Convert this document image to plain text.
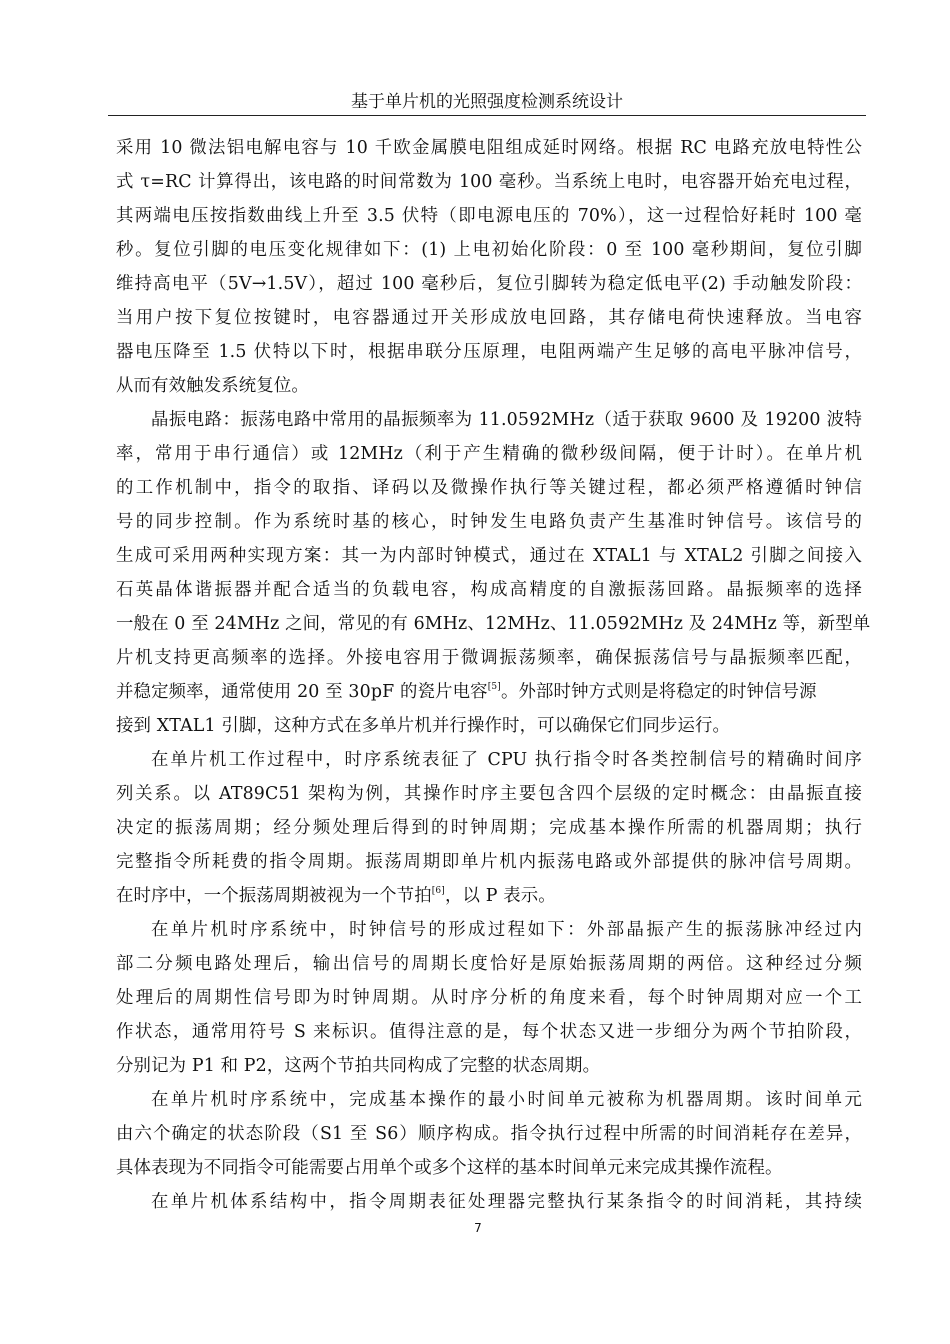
基于单片机的光照强度检测系统设计
采用 10 微法铝电解电容与 10 千欧金属膜电阻组成延时网络。根据 RC 电路充放电特性公
式 τ=RC 计算得出，该电路的时间常数为 100 毫秒。当系统上电时，电容器开始充电过程，
其两端电压按指数曲线上升至 3.5 伏特（即电源电压的 70%），这一过程恰好耗时 100 毫
秒。复位引脚的电压变化规律如下：(1) 上电初始化阶段：0 至 100 毫秒期间，复位引脚
维持高电平（5V→1.5V），超过 100 毫秒后，复位引脚转为稳定低电平(2) 手动触发阶段：
当用户按下复位按键时，电容器通过开关形成放电回路，其存储电荷快速释放。当电容
器电压降至 1.5 伏特以下时，根据串联分压原理，电阻两端产生足够的高电平脉冲信号，
从而有效触发系统复位。
晶振电路：振荡电路中常用的晶振频率为 11.0592MHz（适于获取 9600 及 19200 波特
率，常用于串行通信）或 12MHz（利于产生精确的微秒级间隔，便于计时）。在单片机
的工作机制中，指令的取指、译码以及微操作执行等关键过程，都必须严格遵循时钟信
号的同步控制。作为系统时基的核心，时钟发生电路负责产生基准时钟信号。该信号的
生成可采用两种实现方案：其一为内部时钟模式，通过在 XTAL1 与 XTAL2 引脚之间接入
石英晶体谐振器并配合适当的负载电容，构成高精度的自激振荡回路。晶振频率的选择
一般在 0 至 24MHz 之间，常见的有 6MHz、12MHz、11.0592MHz 及 24MHz 等，新型单
片机支持更高频率的选择。外接电容用于微调振荡频率，确保振荡信号与晶振频率匹配，
并稳定频率，通常使用 20 至 30pF 的瓷片电容[5]。外部时钟方式则是将稳定的时钟信号源
接到 XTAL1 引脚，这种方式在多单片机并行操作时，可以确保它们同步运行。
在单片机工作过程中，时序系统表征了 CPU 执行指令时各类控制信号的精确时间序
列关系。以 AT89C51 架构为例，其操作时序主要包含四个层级的定时概念：由晶振直接
决定的振荡周期；经分频处理后得到的时钟周期；完成基本操作所需的机器周期；执行
完整指令所耗费的指令周期。振荡周期即单片机内振荡电路或外部提供的脉冲信号周期。
在时序中，一个振荡周期被视为一个节拍[6]，以 P 表示。
在单片机时序系统中，时钟信号的形成过程如下：外部晶振产生的振荡脉冲经过内
部二分频电路处理后，输出信号的周期长度恰好是原始振荡周期的两倍。这种经过分频
处理后的周期性信号即为时钟周期。从时序分析的角度来看，每个时钟周期对应一个工
作状态，通常用符号 S 来标识。值得注意的是，每个状态又进一步细分为两个节拍阶段，
分别记为 P1 和 P2，这两个节拍共同构成了完整的状态周期。
在单片机时序系统中，完成基本操作的最小时间单元被称为机器周期。该时间单元
由六个确定的状态阶段（S1 至 S6）顺序构成。指令执行过程中所需的时间消耗存在差异，
具体表现为不同指令可能需要占用单个或多个这样的基本时间单元来完成其操作流程。
在单片机体系结构中，指令周期表征处理器完整执行某条指令的时间消耗，其持续
7
